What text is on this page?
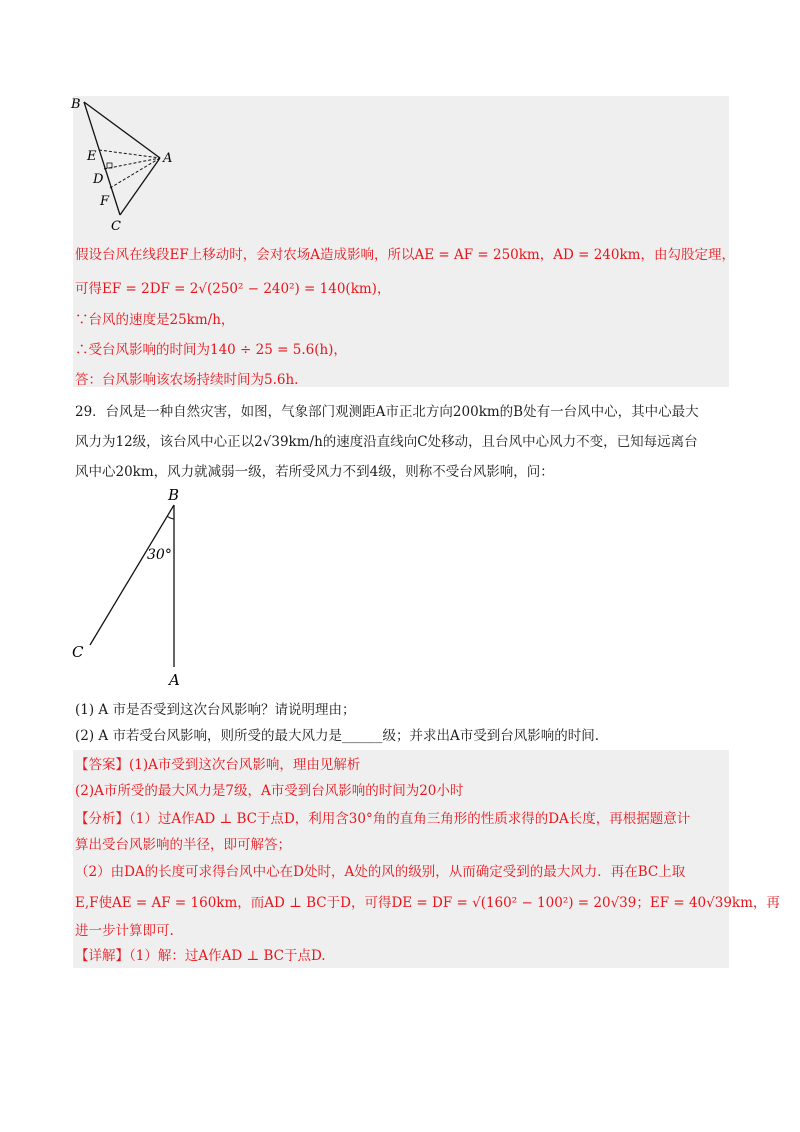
B
E
D
A
F
C
假设台风在线段EF上移动时，会对农场A造成影响，所以AE = AF = 250km，AD = 240km，由勾股定理，
可得EF = 2DF = 2√(250² − 240²) = 140(km)，
∵台风的速度是25km/h，
∴受台风影响的时间为140 ÷ 25 = 5.6(h)，
答：台风影响该农场持续时间为5.6h.
29．台风是一种自然灾害，如图，气象部门观测距A市正北方向200km的B处有一台风中心，其中心最大
风力为12级，该台风中心正以2√39km/h的速度沿直线向C处移动，且台风中心风力不变，已知每远离台
风中心20km，风力就减弱一级，若所受风力不到4级，则称不受台风影响，问：
B
30°
C
A
(1) A 市是否受到这次台风影响？请说明理由；
(2) A 市若受台风影响，则所受的最大风力是______级；并求出A市受到台风影响的时间.
【答案】(1)A市受到这次台风影响，理由见解析
(2)A市所受的最大风力是7级，A市受到台风影响的时间为20小时
【分析】（1）过A作AD ⊥ BC于点D，利用含30°角的直角三角形的性质求得的DA长度，再根据题意计
算出受台风影响的半径，即可解答；
（2）由DA的长度可求得台风中心在D处时，A处的风的级别，从而确定受到的最大风力．再在BC上取
E,F使AE = AF = 160km，而AD ⊥ BC于D，可得DE = DF = √(160² − 100²) = 20√39；EF = 40√39km，再
进一步计算即可.
【详解】（1）解：过A作AD ⊥ BC于点D.
